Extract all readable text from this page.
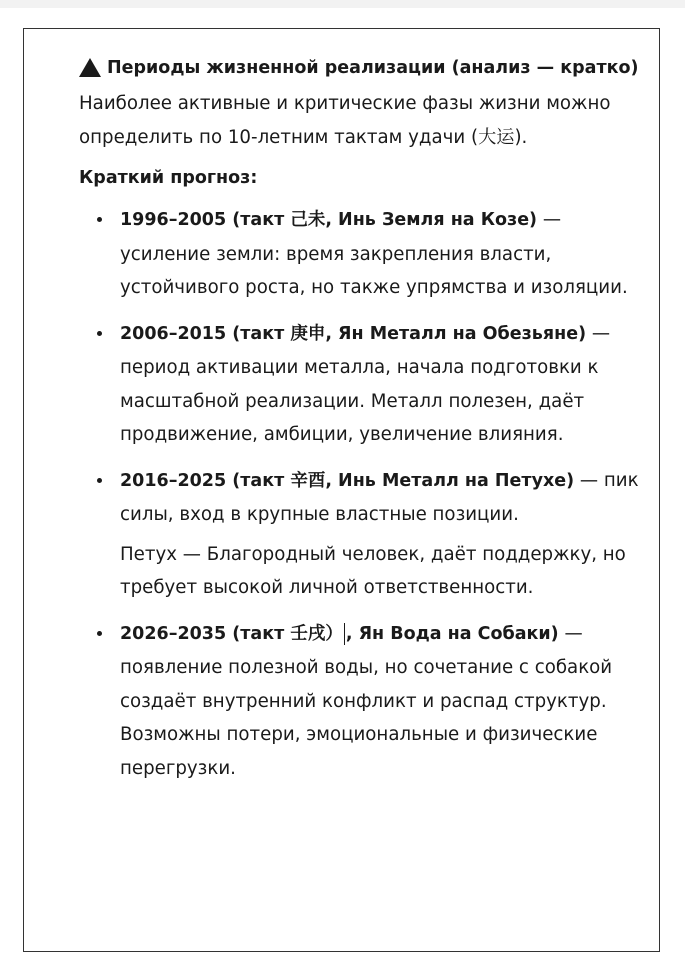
Периоды жизненной реализации (анализ — кратко)

Наиболее активные и критические фазы жизни можно определить по 10-летним тактам удачи (大运).

Краткий прогноз:
1996–2005 (такт 己未, Инь Земля на Козе) — усиление земли: время закрепления власти, устойчивого роста, но также упрямства и изоляции.
2006–2015 (такт 庚申, Ян Металл на Обезьяне) — период активации металла, начала подготовки к масштабной реализации. Металл полезен, даёт продвижение, амбиции, увеличение влияния.
2016–2025 (такт 辛酉, Инь Металл на Петухе) — пик силы, вход в крупные властные позиции.
Петух — Благородный человек, даёт поддержку, но требует высокой личной ответственности.
2026–2035 (такт 壬戌） , Ян Вода на Собаки) — появление полезной воды, но сочетание с собакой создаёт внутренний конфликт и распад структур. Возможны потери, эмоциональные и физические перегрузки.
